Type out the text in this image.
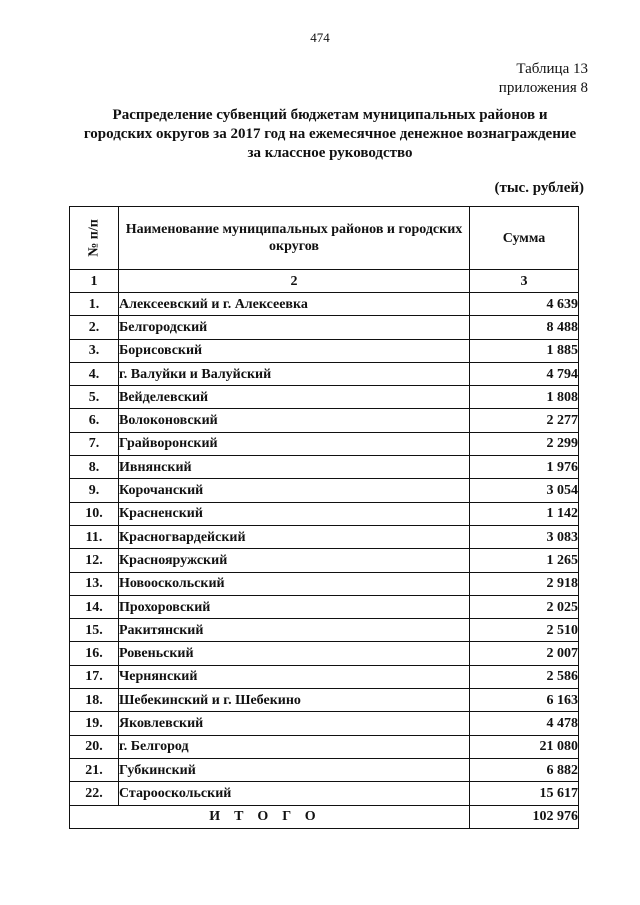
474
Таблица 13
приложения 8
Распределение субвенций бюджетам муниципальных районов и
городских округов за 2017 год на ежемесячное денежное вознаграждение
за классное руководство
(тыс. рублей)
№ п/п	Наименование муниципальных районов и городских округов	Сумма
1	2	3
1.	Алексеевский и г. Алексеевка	4 639
2.	Белгородский	8 488
3.	Борисовский	1 885
4.	г. Валуйки и Валуйский	4 794
5.	Вейделевский	1 808
6.	Волоконовский	2 277
7.	Грайворонский	2 299
8.	Ивнянский	1 976
9.	Корочанский	3 054
10.	Красненский	1 142
11.	Красногвардейский	3 083
12.	Краснояружский	1 265
13.	Новооскольский	2 918
14.	Прохоровский	2 025
15.	Ракитянский	2 510
16.	Ровеньский	2 007
17.	Чернянский	2 586
18.	Шебекинский и г. Шебекино	6 163
19.	Яковлевский	4 478
20.	г. Белгород	21 080
21.	Губкинский	6 882
22.	Старооскольский	15 617
ИТОГО		102 976
